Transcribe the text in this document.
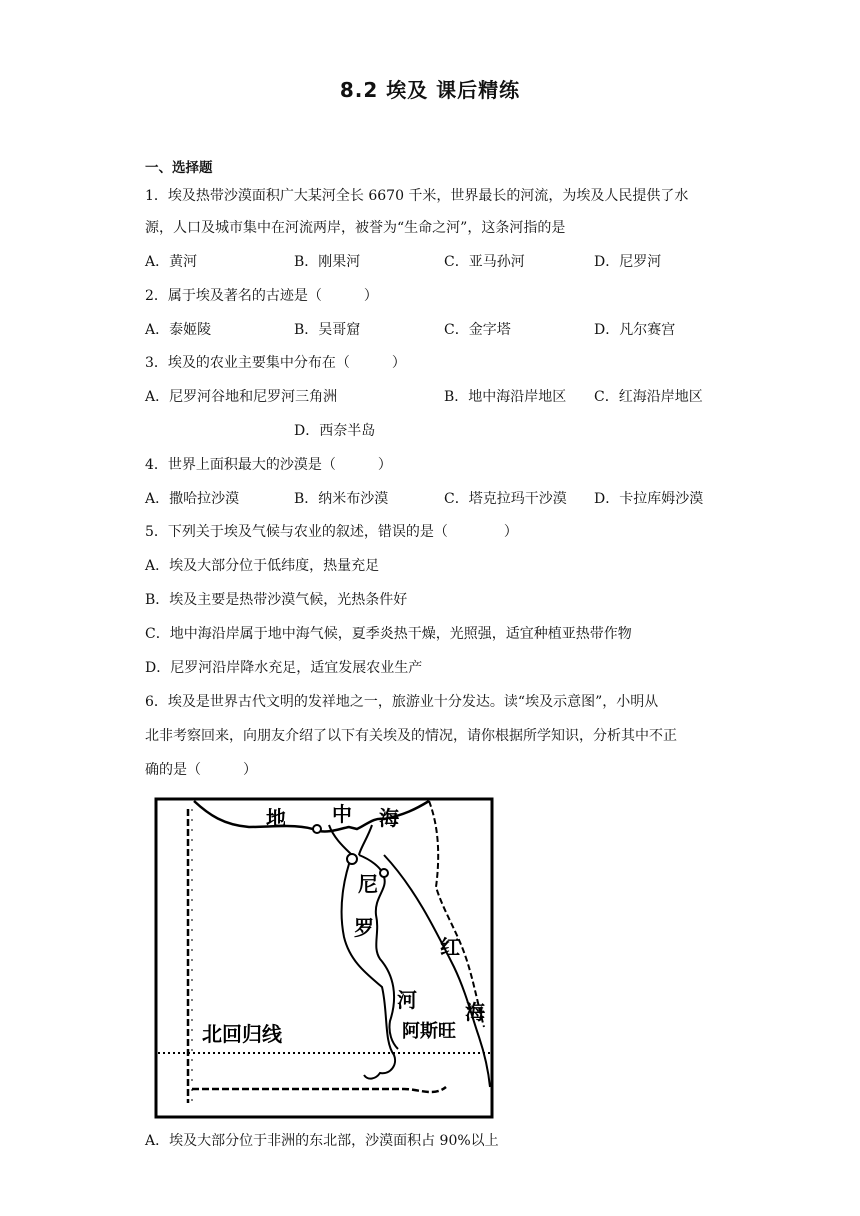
8.2 埃及 课后精练
一、选择题
1．埃及热带沙漠面积广大某河全长 6670 千米，世界最长的河流，为埃及人民提供了水
源，人口及城市集中在河流两岸，被誉为“生命之河”，这条河指的是
A．黄河	B．刚果河	C．亚马孙河	D．尼罗河
2．属于埃及著名的古迹是（　　　）
A．泰姬陵	B．吴哥窟	C．金字塔	D．凡尔赛宫
3．埃及的农业主要集中分布在（　　　）
A．尼罗河谷地和尼罗河三角洲	B．地中海沿岸地区 C．红海沿岸地区
D．西奈半岛
4．世界上面积最大的沙漠是（　　　）
A．撒哈拉沙漠	B．纳米布沙漠	C．塔克拉玛干沙漠 D．卡拉库姆沙漠
5．下列关于埃及气候与农业的叙述，错误的是（　　　　）
A．埃及大部分位于低纬度，热量充足
B．埃及主要是热带沙漠气候，光热条件好
C．地中海沿岸属于地中海气候，夏季炎热干燥，光照强，适宜种植亚热带作物
D．尼罗河沿岸降水充足，适宜发展农业生产
6．埃及是世界古代文明的发祥地之一，旅游业十分发达。读“埃及示意图”，小明从
北非考察回来，向朋友介绍了以下有关埃及的情况，请你根据所学知识，分析其中不正
确的是（　　　）
地 中 海
尼
罗
河
红
海
北回归线	阿斯旺
A．埃及大部分位于非洲的东北部，沙漠面积占 90%以上
